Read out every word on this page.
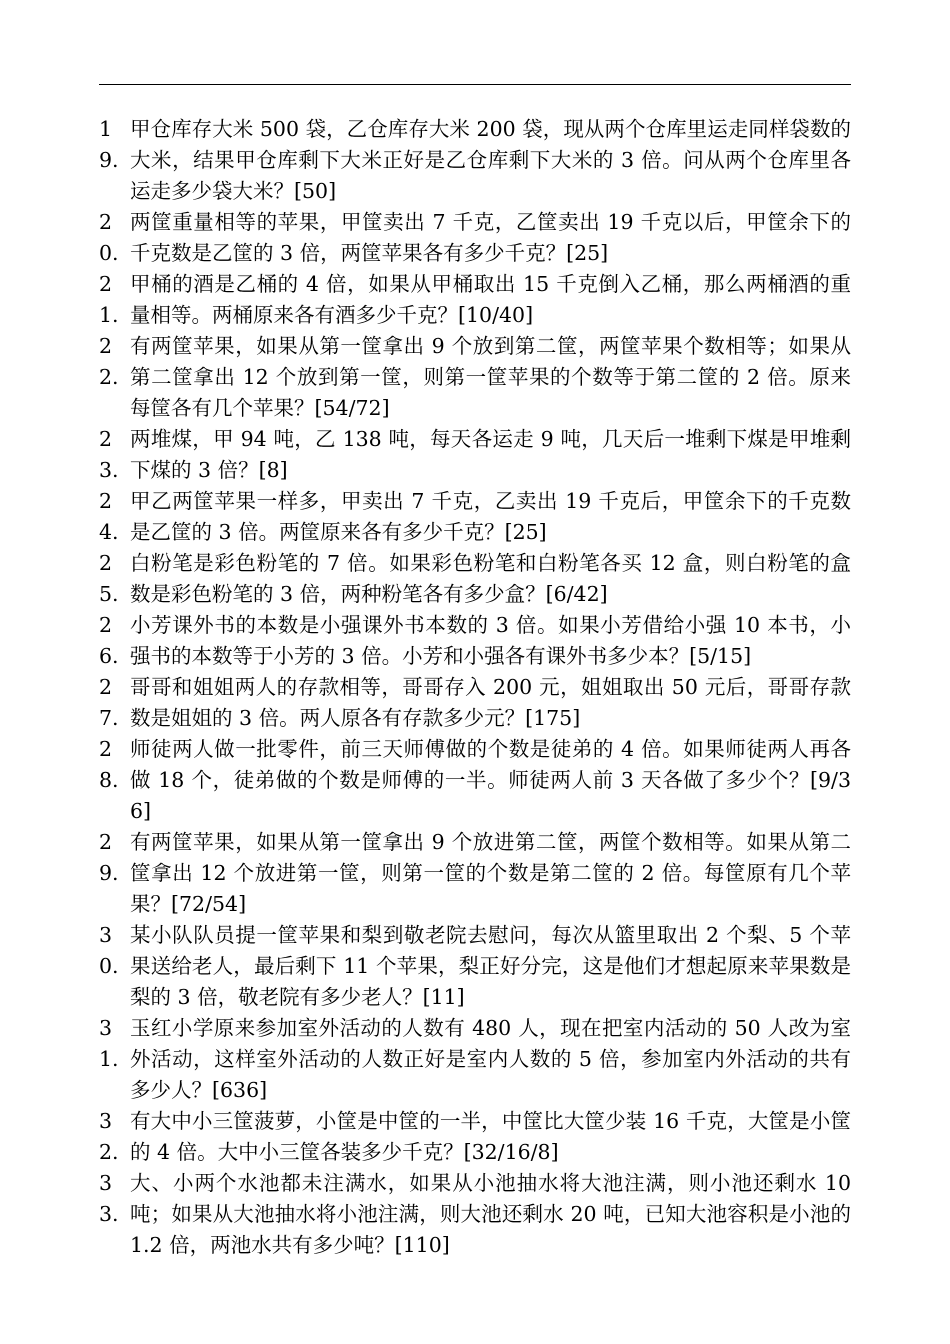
19.
甲仓库存大米 500 袋，乙仓库存大米 200 袋，现从两个仓库里运走同样袋数的大米，结果甲仓库剩下大米正好是乙仓库剩下大米的 3 倍。问从两个仓库里各运走多少袋大米？[50]
20.
两筐重量相等的苹果，甲筐卖出 7 千克，乙筐卖出 19 千克以后，甲筐余下的千克数是乙筐的 3 倍，两筐苹果各有多少千克？[25]
21.
甲桶的酒是乙桶的 4 倍，如果从甲桶取出 15 千克倒入乙桶，那么两桶酒的重量相等。两桶原来各有酒多少千克？[10/40]
22.
有两筐苹果，如果从第一筐拿出 9 个放到第二筐，两筐苹果个数相等；如果从第二筐拿出 12 个放到第一筐，则第一筐苹果的个数等于第二筐的 2 倍。原来每筐各有几个苹果？[54/72]
23.
两堆煤，甲 94 吨，乙 138 吨，每天各运走 9 吨，几天后一堆剩下煤是甲堆剩下煤的 3 倍？[8]
24.
甲乙两筐苹果一样多，甲卖出 7 千克，乙卖出 19 千克后，甲筐余下的千克数是乙筐的 3 倍。两筐原来各有多少千克？[25]
25.
白粉笔是彩色粉笔的 7 倍。如果彩色粉笔和白粉笔各买 12 盒，则白粉笔的盒数是彩色粉笔的 3 倍，两种粉笔各有多少盒？[6/42]
26.
小芳课外书的本数是小强课外书本数的 3 倍。如果小芳借给小强 10 本书，小强书的本数等于小芳的 3 倍。小芳和小强各有课外书多少本？[5/15]
27.
哥哥和姐姐两人的存款相等，哥哥存入 200 元，姐姐取出 50 元后，哥哥存款数是姐姐的 3 倍。两人原各有存款多少元？[175]
28.
师徒两人做一批零件，前三天师傅做的个数是徒弟的 4 倍。如果师徒两人再各做 18 个，徒弟做的个数是师傅的一半。师徒两人前 3 天各做了多少个？[9/36]
29.
有两筐苹果，如果从第一筐拿出 9 个放进第二筐，两筐个数相等。如果从第二筐拿出 12 个放进第一筐，则第一筐的个数是第二筐的 2 倍。每筐原有几个苹果？[72/54]
30.
某小队队员提一筐苹果和梨到敬老院去慰问，每次从篮里取出 2 个梨、5 个苹果送给老人，最后剩下 11 个苹果，梨正好分完，这是他们才想起原来苹果数是梨的 3 倍，敬老院有多少老人？[11]
31.
玉红小学原来参加室外活动的人数有 480 人，现在把室内活动的 50 人改为室外活动，这样室外活动的人数正好是室内人数的 5 倍，参加室内外活动的共有多少人？[636]
32.
有大中小三筐菠萝，小筐是中筐的一半，中筐比大筐少装 16 千克，大筐是小筐的 4 倍。大中小三筐各装多少千克？[32/16/8]
33.
大、小两个水池都未注满水，如果从小池抽水将大池注满，则小池还剩水 10 吨；如果从大池抽水将小池注满，则大池还剩水 20 吨，已知大池容积是小池的 1.2 倍，两池水共有多少吨？[110]
